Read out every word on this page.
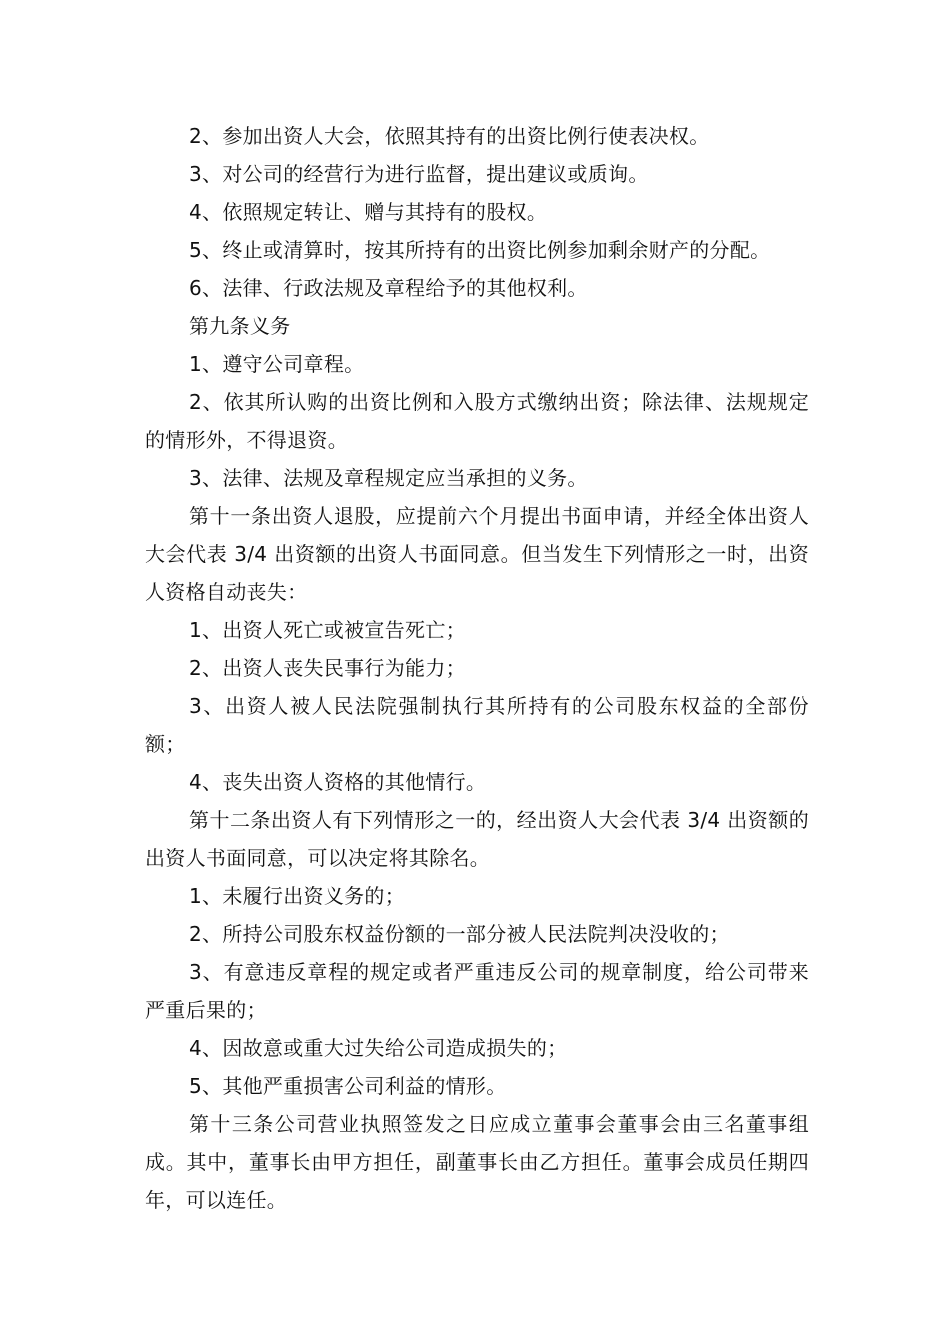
2、参加出资人大会，依照其持有的出资比例行使表决权。

3、对公司的经营行为进行监督，提出建议或质询。

4、依照规定转让、赠与其持有的股权。

5、终止或清算时，按其所持有的出资比例参加剩余财产的分配。

6、法律、行政法规及章程给予的其他权利。

第九条义务

1、遵守公司章程。

2、依其所认购的出资比例和入股方式缴纳出资；除法律、法规规定的情形外，不得退资。

3、法律、法规及章程规定应当承担的义务。

第十一条出资人退股，应提前六个月提出书面申请，并经全体出资人大会代表 3/4 出资额的出资人书面同意。但当发生下列情形之一时，出资人资格自动丧失：

1、出资人死亡或被宣告死亡；

2、出资人丧失民事行为能力；

3、出资人被人民法院强制执行其所持有的公司股东权益的全部份额；

4、丧失出资人资格的其他情行。

第十二条出资人有下列情形之一的，经出资人大会代表 3/4 出资额的出资人书面同意，可以决定将其除名。

1、未履行出资义务的；

2、所持公司股东权益份额的一部分被人民法院判决没收的；

3、有意违反章程的规定或者严重违反公司的规章制度，给公司带来严重后果的；

4、因故意或重大过失给公司造成损失的；

5、其他严重损害公司利益的情形。

第十三条公司营业执照签发之日应成立董事会董事会由三名董事组成。其中，董事长由甲方担任，副董事长由乙方担任。董事会成员任期四年，可以连任。
